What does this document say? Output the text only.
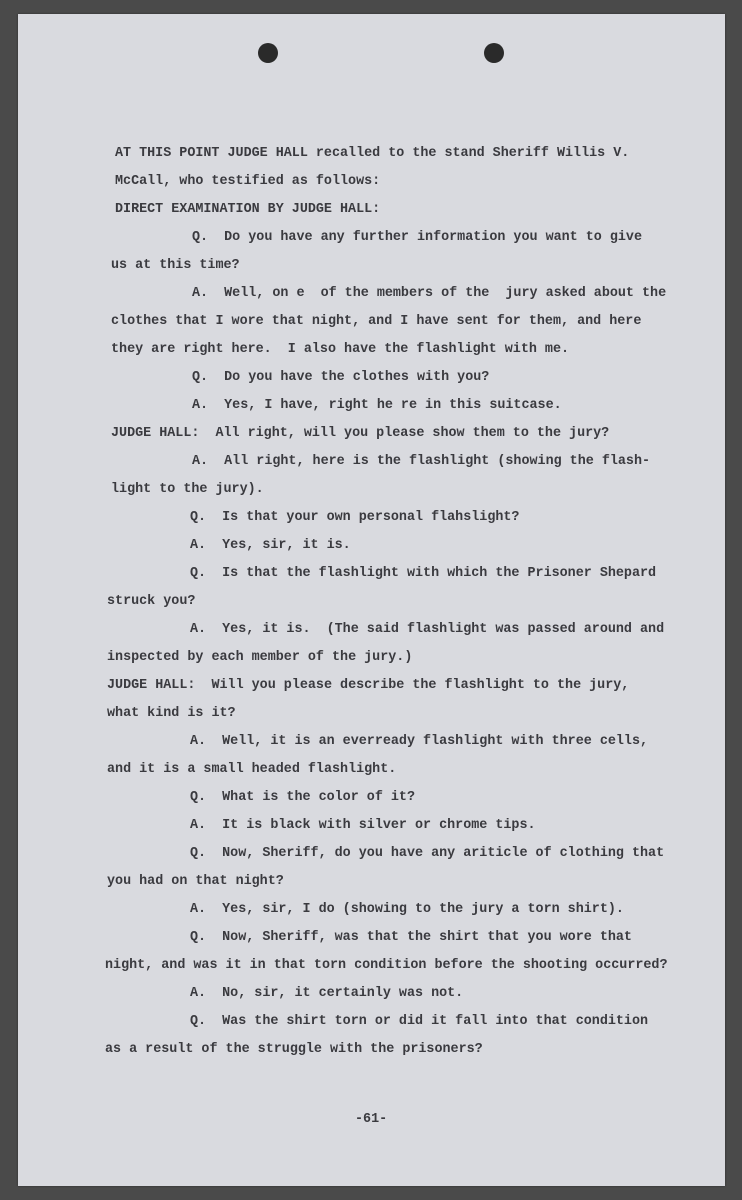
AT THIS POINT JUDGE HALL recalled to the stand Sheriff Willis V.

McCall, who testified as follows:

DIRECT EXAMINATION BY JUDGE HALL:

Q.  Do you have any further information you want to give

us at this time?

A.  Well, on e  of the members of the  jury asked about the

clothes that I wore that night, and I have sent for them, and here

they are right here.  I also have the flashlight with me.

Q.  Do you have the clothes with you?

A.  Yes, I have, right he re in this suitcase.

JUDGE HALL:  All right, will you please show them to the jury?

A.  All right, here is the flashlight (showing the flash-

light to the jury).

Q.  Is that your own personal flahslight?

A.  Yes, sir, it is.

Q.  Is that the flashlight with which the Prisoner Shepard

struck you?

A.  Yes, it is.  (The said flashlight was passed around and

inspected by each member of the jury.)

JUDGE HALL:  Will you please describe the flashlight to the jury,

what kind is it?

A.  Well, it is an everready flashlight with three cells,

and it is a small headed flashlight.

Q.  What is the color of it?

A.  It is black with silver or chrome tips.

Q.  Now, Sheriff, do you have any ariticle of clothing that

you had on that night?

A.  Yes, sir, I do (showing to the jury a torn shirt).

Q.  Now, Sheriff, was that the shirt that you wore that

night, and was it in that torn condition before the shooting occurred?

A.  No, sir, it certainly was not.

Q.  Was the shirt torn or did it fall into that condition

as a result of the struggle with the prisoners?

-61-
